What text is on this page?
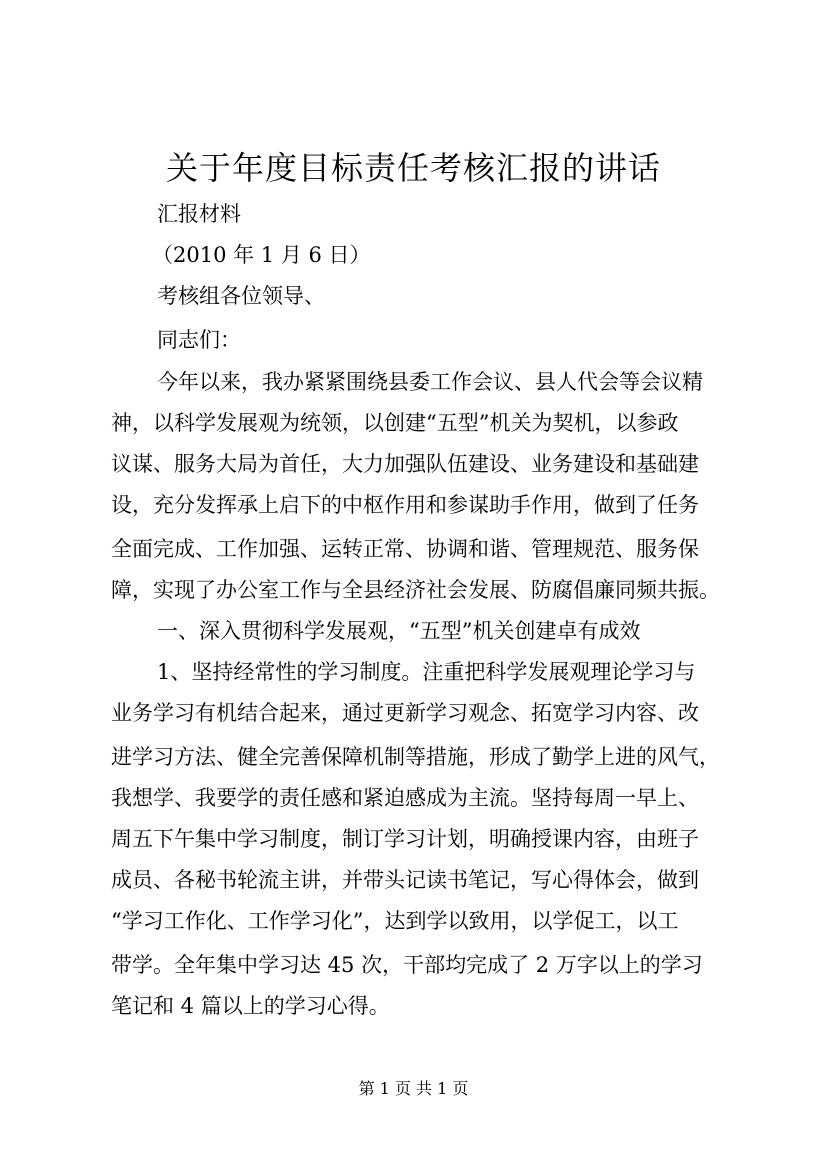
关于年度目标责任考核汇报的讲话
汇报材料
（2010 年 1 月 6 日）
考核组各位领导、
同志们：
今年以来，我办紧紧围绕县委工作会议、县人代会等会议精
神，以科学发展观为统领，以创建“五型”机关为契机，以参政
议谋、服务大局为首任，大力加强队伍建设、业务建设和基础建
设，充分发挥承上启下的中枢作用和参谋助手作用，做到了任务
全面完成、工作加强、运转正常、协调和谐、管理规范、服务保
障，实现了办公室工作与全县经济社会发展、防腐倡廉同频共振。
一、深入贯彻科学发展观，“五型”机关创建卓有成效
1、坚持经常性的学习制度。注重把科学发展观理论学习与
业务学习有机结合起来，通过更新学习观念、拓宽学习内容、改
进学习方法、健全完善保障机制等措施，形成了勤学上进的风气，
我想学、我要学的责任感和紧迫感成为主流。坚持每周一早上、
周五下午集中学习制度，制订学习计划，明确授课内容，由班子
成员、各秘书轮流主讲，并带头记读书笔记，写心得体会，做到
“学习工作化、工作学习化”，达到学以致用，以学促工，以工
带学。全年集中学习达 45 次，干部均完成了 2 万字以上的学习
笔记和 4 篇以上的学习心得。
第 1 页 共 1 页
